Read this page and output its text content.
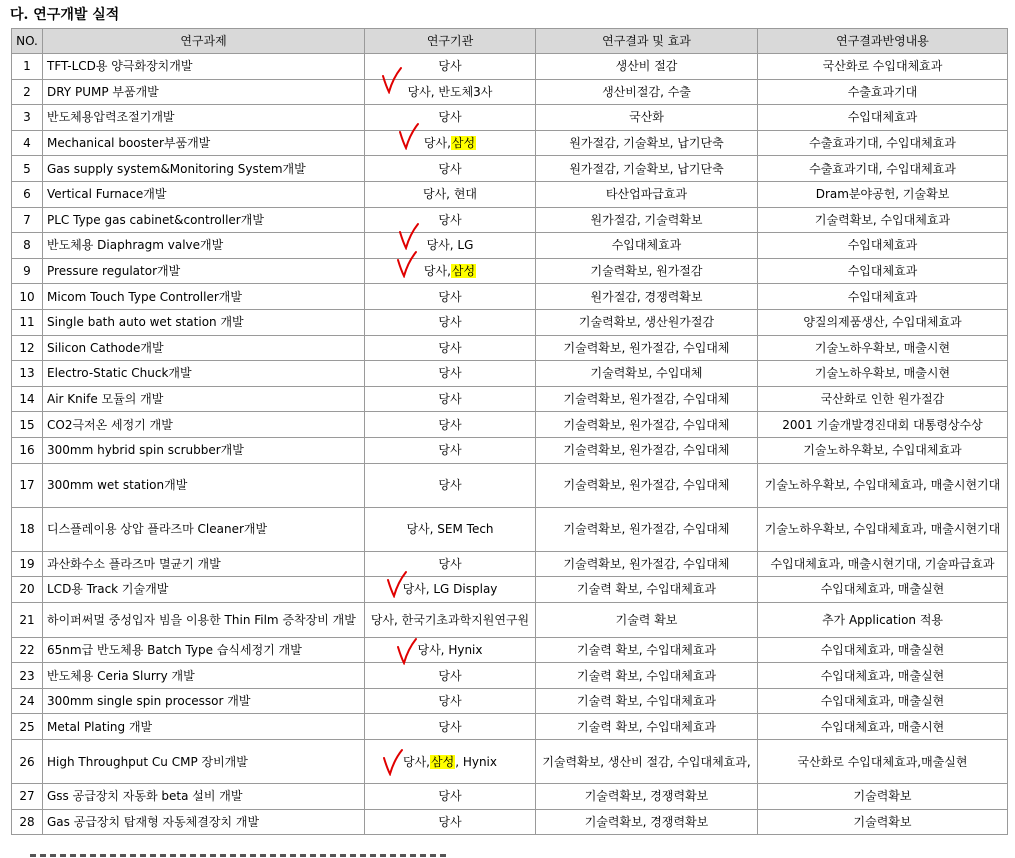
다. 연구개발 실적
NO.	연구과제	연구기관	연구결과 및 효과	연구결과반영내용
1	TFT-LCD용 양극화장치개발	당사	생산비 절감	국산화로 수입대체효과
2	DRY PUMP 부품개발	당사, 반도체3사	생산비절감, 수출	수출효과기대
3	반도체용압력조절기개발	당사	국산화	수입대체효과
4	Mechanical booster부품개발	당사,삼성	원가절감, 기술확보, 납기단축	수출효과기대, 수입대체효과
5	Gas supply system&Monitoring System개발	당사	원가절감, 기술확보, 납기단축	수출효과기대, 수입대체효과
6	Vertical Furnace개발	당사, 현대	타산업파급효과	Dram분야공헌, 기술확보
7	PLC Type gas cabinet&controller개발	당사	원가절감, 기술력확보	기술력확보, 수입대체효과
8	반도체용 Diaphragm valve개발	당사, LG	수입대체효과	수입대체효과
9	Pressure regulator개발	당사,삼성	기술력확보, 원가절감	수입대체효과
10	Micom Touch Type Controller개발	당사	원가절감, 경쟁력확보	수입대체효과
11	Single bath auto wet station 개발	당사	기술력확보, 생산원가절감	양질의제품생산, 수입대체효과
12	Silicon Cathode개발	당사	기술력확보, 원가절감, 수입대체	기술노하우확보, 매출시현
13	Electro-Static Chuck개발	당사	기술력확보, 수입대체	기술노하우확보, 매출시현
14	Air Knife 모듈의 개발	당사	기술력확보, 원가절감, 수입대체	국산화로 인한 원가절감
15	CO2극저온 세정기 개발	당사	기술력확보, 원가절감, 수입대체	2001 기술개발경진대회 대통령상수상
16	300mm hybrid spin scrubber개발	당사	기술력확보, 원가절감, 수입대체	기술노하우확보, 수입대체효과
17	300mm wet station개발	당사	기술력확보, 원가절감, 수입대체	기술노하우확보, 수입대체효과, 매출시현기대
18	디스플레이용 상압 플라즈마 Cleaner개발	당사, SEM Tech	기술력확보, 원가절감, 수입대체	기술노하우확보, 수입대체효과, 매출시현기대
19	과산화수소 플라즈마 멸균기 개발	당사	기술력확보, 원가절감, 수입대체	수입대체효과, 매출시현기대, 기술파급효과
20	LCD용 Track 기술개발	당사, LG Display	기술력 확보, 수입대체효과	수입대체효과, 매출실현
21	하이퍼써멀 중성입자 빔을 이용한 Thin Film 증착장비 개발	당사, 한국기초과학지원연구원	기술력 확보	추가 Application 적용
22	65nm급 반도체용 Batch Type 습식세정기 개발	당사, Hynix	기술력 확보, 수입대체효과	수입대체효과, 매출실현
23	반도체용 Ceria Slurry 개발	당사	기술력 확보, 수입대체효과	수입대체효과, 매출실현
24	300mm single spin processor 개발	당사	기술력 확보, 수입대체효과	수입대체효과, 매출실현
25	Metal Plating 개발	당사	기술력 확보, 수입대체효과	수입대체효과, 매출시현
26	High Throughput Cu CMP 장비개발	당사,삼성, Hynix	기술력확보, 생산비 절감, 수입대체효과,	국산화로 수입대체효과,매출실현
27	Gss 공급장치 자동화 beta 설비 개발	당사	기술력확보, 경쟁력확보	기술력확보
28	Gas 공급장치 탑재형 자동체결장치 개발	당사	기술력확보, 경쟁력확보	기술력확보
